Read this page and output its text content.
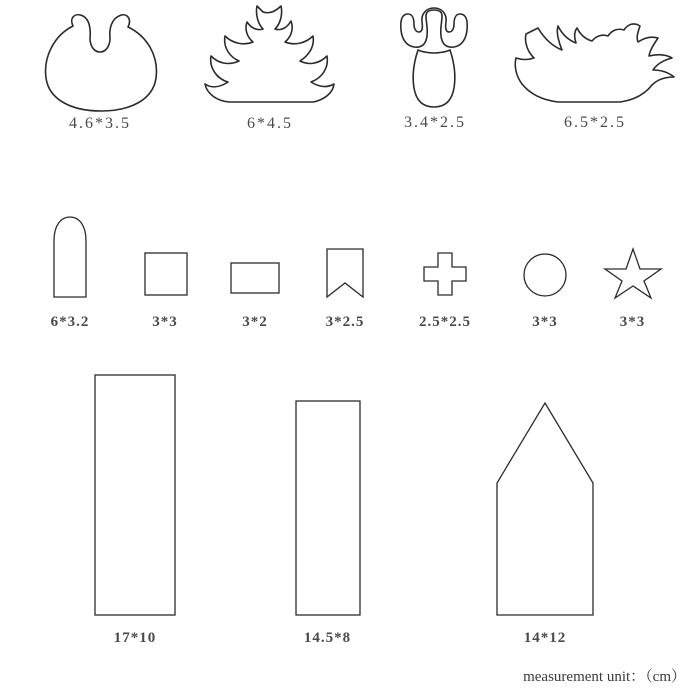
4.6*3.5	6*4.5	3.4*2.5	6.5*2.5
6*3.2	3*3	3*2	3*2.5	2.5*2.5	3*3	3*3
17*10	14.5*8	14*12
measurement unit：（cm）
